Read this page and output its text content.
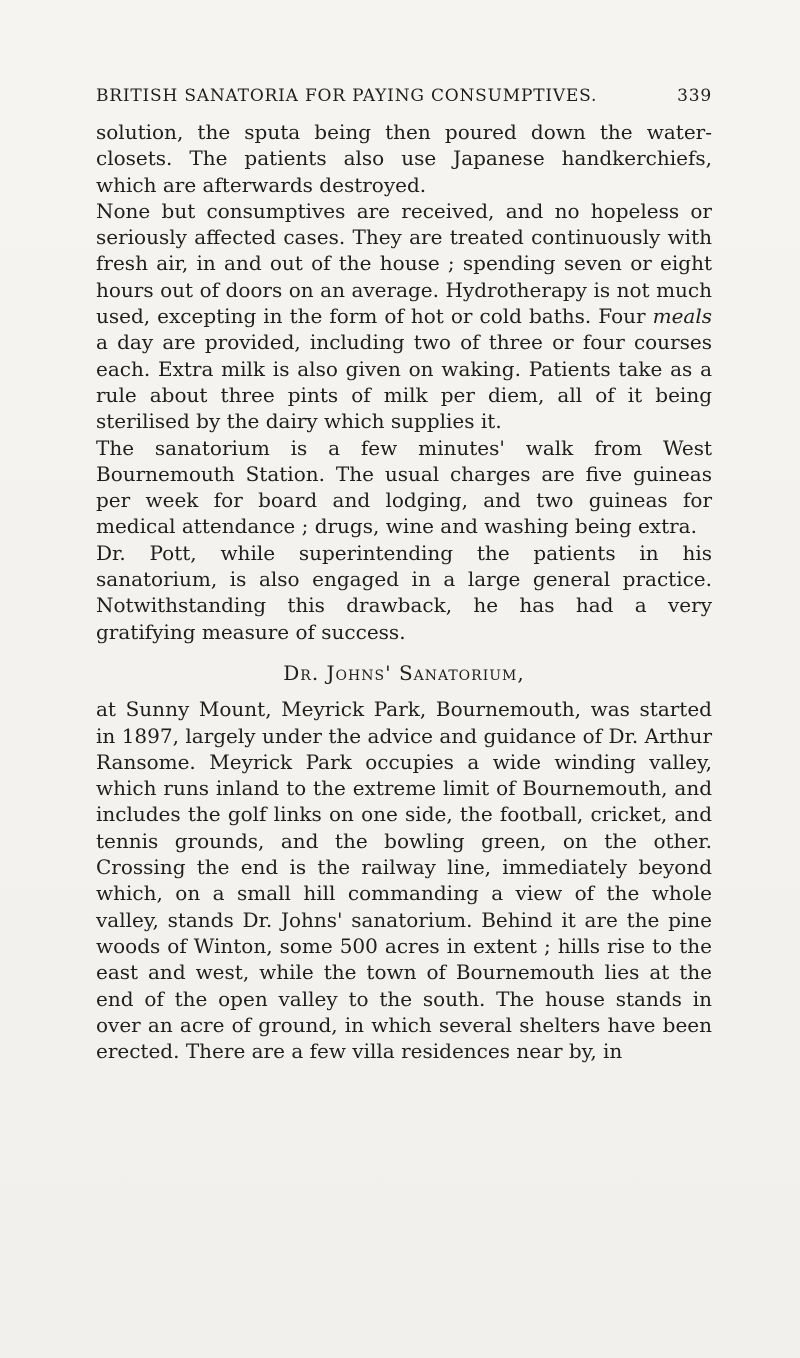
BRITISH SANATORIA FOR PAYING CONSUMPTIVES.	339

solution, the sputa being then poured down the water-closets. The patients also use Japanese handkerchiefs, which are afterwards destroyed.

None but consumptives are received, and no hopeless or seriously affected cases. They are treated continuously with fresh air, in and out of the house ; spending seven or eight hours out of doors on an average. Hydrotherapy is not much used, excepting in the form of hot or cold baths. Four meals a day are provided, including two of three or four courses each. Extra milk is also given on waking. Patients take as a rule about three pints of milk per diem, all of it being sterilised by the dairy which supplies it.

The sanatorium is a few minutes' walk from West Bournemouth Station. The usual charges are five guineas per week for board and lodging, and two guineas for medical attendance ; drugs, wine and washing being extra.

Dr. Pott, while superintending the patients in his sanatorium, is also engaged in a large general practice. Notwithstanding this drawback, he has had a very gratifying measure of success.

Dr. Johns' Sanatorium,

at Sunny Mount, Meyrick Park, Bournemouth, was started in 1897, largely under the advice and guidance of Dr. Arthur Ransome. Meyrick Park occupies a wide winding valley, which runs inland to the extreme limit of Bournemouth, and includes the golf links on one side, the football, cricket, and tennis grounds, and the bowling green, on the other. Crossing the end is the railway line, immediately beyond which, on a small hill commanding a view of the whole valley, stands Dr. Johns' sanatorium. Behind it are the pine woods of Winton, some 500 acres in extent ; hills rise to the east and west, while the town of Bournemouth lies at the end of the open valley to the south. The house stands in over an acre of ground, in which several shelters have been erected. There are a few villa residences near by, in
